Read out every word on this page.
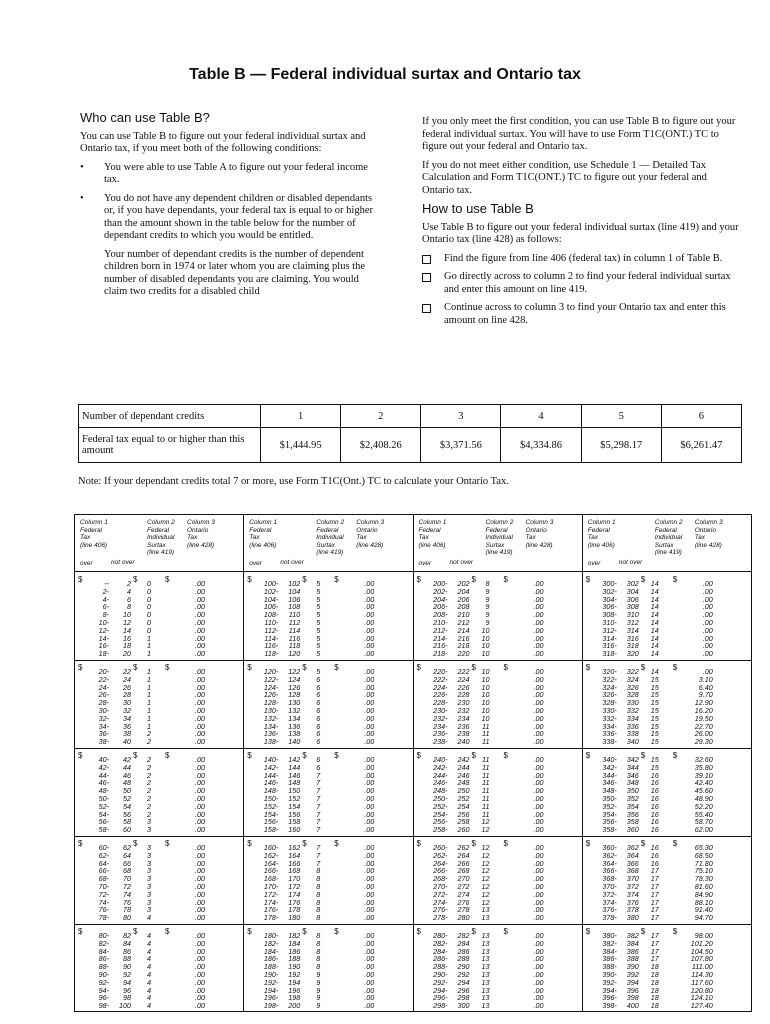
Table B — Federal individual surtax and Ontario tax
Who can use Table B?

You can use Table B to figure out your federal individual surtax and Ontario tax, if you meet both of the following conditions:

• You were able to use Table A to figure out your federal income tax.
• You do not have any dependent children or disabled dependants or, if you have dependants, your federal tax is equal to or higher than the amount shown in the table below for the number of dependant credits to which you would be entitled.

Your number of dependant credits is the number of dependent children born in 1974 or later whom you are claiming plus the number of disabled dependants you are claiming. You would claim two credits for a disabled child

If you only meet the first condition, you can use Table B to figure out your federal individual surtax. You will have to use Form T1C(ONT.) TC to figure out your federal and Ontario tax.

If you do not meet either condition, use Schedule 1 — Detailed Tax Calculation and Form T1C(ONT.) TC to figure out your federal and Ontario tax.

How to use Table B

Use Table B to figure out your federal individual surtax (line 419) and your Ontario tax (line 428) as follows:

Find the figure from line 406 (federal tax) in column 1 of Table B.
Go directly across to column 2 to find your federal individual surtax and enter this amount on line 419.
Continue across to column 3 to find your Ontario tax and enter this amount on line 428.
Number of dependant credits	1	2	3	4	5	6
Federal tax equal to or higher than this amount	$1,444.95	$2,408.26	$3,371.56	$4,334.86	$5,298.17	$6,261.47
Note: If your dependant credits total 7 or more, use Form T1C(Ont.) TC to calculate your Ontario Tax.
Column 1
Federal
Tax
(line 406)
Column 2
Federal
Individual
Surtax
(line 419)
Column 3
Ontario
Tax
(line 428)
over	not over
$	$	$
--	2	0	.00
2-	4	0	.00
4-	6	0	.00
6-	8	0	.00
8-	10	0	.00
10-	12	0	.00
12-	14	0	.00
14-	16	1	.00
16-	18	1	.00
18-	20	1	.00
$	$	$
20-	22	1	.00
22-	24	1	.00
24-	26	1	.00
26-	28	1	.00
28-	30	1	.00
30-	32	1	.00
32-	34	1	.00
34-	36	1	.00
36-	38	2	.00
38-	40	2	.00
$	$	$
40-	42	2	.00
42-	44	2	.00
44-	46	2	.00
46-	48	2	.00
48-	50	2	.00
50-	52	2	.00
52-	54	2	.00
54-	56	2	.00
56-	58	3	.00
58-	60	3	.00
$	$	$
60-	62	3	.00
62-	64	3	.00
64-	66	3	.00
66-	68	3	.00
68-	70	3	.00
70-	72	3	.00
72-	74	3	.00
74-	76	3	.00
76-	78	3	.00
78-	80	4	.00
$	$	$
80-	82	4	.00
82-	84	4	.00
84-	86	4	.00
86-	88	4	.00
88-	90	4	.00
90-	92	4	.00
92-	94	4	.00
94-	96	4	.00
96-	98	4	.00
98-	100	4	.00
Column 1
Federal
Tax
(line 406)
Column 2
Federal
Individual
Surtax
(line 419)
Column 3
Ontario
Tax
(line 428)
over	not over
$	$	$
100-	102	5	.00
102-	104	5	.00
104-	106	5	.00
106-	108	5	.00
108-	110	5	.00
110-	112	5	.00
112-	114	5	.00
114-	116	5	.00
116-	118	5	.00
118-	120	5	.00
$	$	$
120-	122	5	.00
122-	124	6	.00
124-	126	6	.00
126-	128	6	.00
128-	130	6	.00
130-	132	6	.00
132-	134	6	.00
134-	136	6	.00
136-	138	6	.00
138-	140	6	.00
$	$	$
140-	142	6	.00
142-	144	6	.00
144-	146	7	.00
146-	148	7	.00
148-	150	7	.00
150-	152	7	.00
152-	154	7	.00
154-	156	7	.00
156-	158	7	.00
158-	160	7	.00
$	$	$
160-	162	7	.00
162-	164	7	.00
164-	166	7	.00
166-	168	8	.00
168-	170	8	.00
170-	172	8	.00
172-	174	8	.00
174-	176	8	.00
176-	178	8	.00
178-	180	8	.00
$	$	$
180-	182	8	.00
182-	184	8	.00
184-	186	8	.00
186-	188	8	.00
188-	190	8	.00
190-	192	9	.00
192-	194	9	.00
194-	196	9	.00
196-	198	9	.00
198-	200	9	.00
Column 1
Federal
Tax
(line 406)
Column 2
Federal
Individual
Surtax
(line 419)
Column 3
Ontario
Tax
(line 428)
over	not over
$	$	$
200-	202	8	.00
202-	204	9	.00
204-	206	9	.00
206-	208	9	.00
208-	210	9	.00
210-	212	9	.00
212-	214	10	.00
214-	216	10	.00
216-	218	10	.00
218-	220	10	.00
$	$	$
220-	222	10	.00
222-	224	10	.00
224-	226	10	.00
226-	228	10	.00
228-	230	10	.00
230-	232	10	.00
232-	234	10	.00
234-	236	11	.00
236-	238	11	.00
238-	240	11	.00
$	$	$
240-	242	11	.00
242-	244	11	.00
244-	246	11	.00
246-	248	11	.00
248-	250	11	.00
250-	252	11	.00
252-	254	11	.00
254-	256	11	.00
256-	258	12	.00
258-	260	12	.00
$	$	$
260-	262	12	.00
262-	264	12	.00
264-	266	12	.00
266-	268	12	.00
268-	270	12	.00
270-	272	12	.00
272-	274	12	.00
274-	276	12	.00
276-	278	13	.00
278-	280	13	.00
$	$	$
280-	282	13	.00
282-	284	13	.00
284-	286	13	.00
286-	288	13	.00
288-	290	13	.00
290-	292	13	.00
292-	294	13	.00
294-	296	13	.00
296-	298	13	.00
298-	300	13	.00
Column 1
Federal
Tax
(line 406)
Column 2
Federal
Individual
Surtax
(line 419)
Column 3
Ontario
Tax
(line 428)
over	not over
$	$	$
300-	302	14	.00
302-	304	14	.00
304-	306	14	.00
306-	308	14	.00
308-	310	14	.00
310-	312	14	.00
312-	314	14	.00
314-	316	14	.00
316-	318	14	.00
318-	320	14	.00
$	$	$
320-	322	14	.00
322-	324	15	3.10
324-	326	15	6.40
326-	328	15	9.70
328-	330	15	12.90
330-	332	15	16.20
332-	334	15	19.50
334-	336	15	22.70
336-	338	15	26.00
338-	340	15	29.30
$	$	$
340-	342	15	32.60
342-	344	15	35.80
344-	346	16	39.10
346-	348	16	42.40
348-	350	16	45.60
350-	352	16	48.90
352-	354	16	52.20
354-	356	16	55.40
356-	358	16	58.70
358-	360	16	62.00
$	$	$
360-	362	16	65.30
362-	364	16	68.50
364-	366	16	71.80
366-	368	17	75.10
368-	370	17	78.30
370-	372	17	81.60
372-	374	17	84.90
374-	376	17	88.10
376-	378	17	91.40
378-	380	17	94.70
$	$	$
380-	382	17	98.00
382-	384	17	101.20
384-	386	17	104.50
386-	388	17	107.80
388-	390	18	111.00
390-	392	18	114.30
392-	394	18	117.60
394-	396	18	120.80
396-	398	18	124.10
398-	400	18	127.40
